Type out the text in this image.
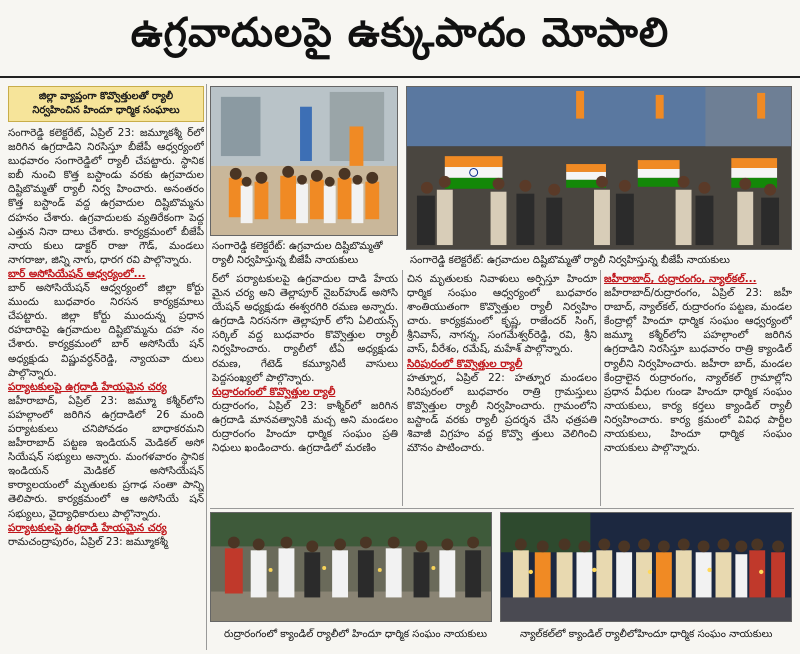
ఉగ్రవాదులపై ఉక్కుపాదం మోపాలి
జిల్లా వ్యాప్తంగా కొవ్వొత్తులతో ర్యాలీ
నిర్వహించిన హిందూ ధార్మిక సంఘాలు
సంగారెడ్డి కలెక్టరేట్, ఏప్రిల్ 23: జమ్మూకశ్మీ ర్‌లో జరిగిన ఉగ్రదాడిని నిరసిస్తూ బీజేపీ ఆధ్వర్యంలో బుధవారం సంగారెడ్డిలో ర్యాలీ చేపట్టారు. స్థానిక ఐబీ నుంచి కొత్త బస్టాండు వరకు ఉగ్రవాదుల దిష్టిబొమ్మతో ర్యాలీ నిర్వ హించారు. అనంతరం కొత్త బస్టాండ్ వద్ద ఉగ్రవాదుల దిష్టిబొమ్మను దహనం చేశారు. ఉగ్రవాదులకు వ్యతిరేకంగా పెద్ద ఎత్తున నినా దాలు చేశారు. కార్యక్రమంలో బీజేపీ నాయ కులు డాక్టర్ రాజు గౌడ్, మండలు నాగరాజు, జిన్ని నాగు, ధారగ రవి పాల్గొన్నారు.
బార్ అసోసియేషన్ ఆధ్వర్యంలో...
బార్ అసోసియేషన్ ఆధ్వర్యంలో జిల్లా కోర్టు ముందు బుధవారం నిరసన కార్యక్రమాలు చేపట్టారు. జిల్లా కోర్టు ముందున్న ప్రధాన రహదారిపై ఉగ్రవాదుల దిష్టిబొమ్మను దహ నం చేశారు. కార్యక్రమంలో బార్ అసోసియే షన్ అధ్యక్షుడు విష్ణువర్ధన్‌రెడ్డి, న్యాయవా దులు పాల్గొన్నారు.
పర్యాటకులపై ఉగ్రదాడి హేయమైన చర్య
జహీరాబాద్, ఏప్రిల్ 23: జమ్మూ కశ్మీర్‌లోని పహల్గాంలో జరిగిన ఉగ్రదాడిలో 26 మంది పర్యాటకులు చనిపోవడం బాధాకరమని జహీరాబాద్ పట్టణ ఇండియన్ మెడికల్ అసో సియేషన్ సభ్యులు అన్నారు. మంగళవారం స్థానిక ఇండియన్ మెడికల్ అసోసియేషన్ కార్యాలయంలో మృతులకు ప్రగాఢ సంతా పాన్ని తెలిపారు. కార్యక్రమంలో ఆ అసోసియే షన్ సభ్యులు, వైద్యాధికారులు పాల్గొన్నారు.
పర్యాటకులపై ఉగ్రదాడి హేయమైన చర్య
రామచంద్రాపురం, ఏప్రిల్ 23: జమ్మూకశ్మీ
సంగారెడ్డి కలెక్టరేట్: ఉగ్రవాదుల దిష్టిబొమ్మతో
ర్యాలీ నిర్వహిస్తున్న బీజేపీ నాయకులు	సంగారెడ్డి కలెక్టరేట్: ఉగ్రవాదుల దిష్టిబొమ్మతో ర్యాలీ నిర్వహిస్తున్న బీజేపీ నాయకులు
ర్‌లో పర్యాటకులపై ఉగ్రవాదుల దాడి హేయ మైన చర్య అని తెల్లాపూర్ నైబర్‌హుడ్ అసోసి యేషన్ అధ్యక్షుడు ఈశ్వరగిరి రమణ అన్నారు. ఉగ్రదాడి నిరసనగా తెల్లాపూర్ లోని ఏలియన్స్ సర్కిల్ వద్ద బుధవారం కొవ్వొత్తుల ర్యాలీ నిర్వహించారు. ర్యాలీలో టీఏ అధ్యక్షుడు రమణ, గేటెడ్ కమ్యూనిటీ వాసులు పెద్దసంఖ్యలో పాల్గొన్నారు.
రుద్రారంగంలో కొవ్వొత్తుల ర్యాలీ
రుద్రారంగం, ఏప్రిల్ 23: కాశ్మీర్‌లో జరిగిన ఉగ్రదాడి మానవత్వానికి మచ్చ అని మండలం రుద్రారంగం హిందూ ధార్మిక సంఘం ప్రతి నిధులు ఖండించారు. ఉగ్రదాడిలో మరణిం
చిన మృతులకు నివాళులు అర్పిస్తూ హిందూ ధార్మిక సంఘం ఆధ్వర్యంలో బుధవారం శాంతియుతంగా కొవ్వొత్తుల ర్యాలీ నిర్వహిం చారు. కార్యక్రమంలో కృష్ణ, రాజేందర్ సింగ్, శ్రీనివాస్, నాగన్న, సంగమేశ్వర్‌రెడ్డి, రవి, శ్రీని వాస్, వీరేశం, రమేష్, మహేశ్ పాల్గొన్నారు.
సిరిపురంలో కొవ్వొత్తుల ర్యాలీ
హత్నూర, ఏప్రిల్ 22: హత్నూర మండలం సిరిపురంలో బుధవారం రాత్రి గ్రామస్తులు కొవ్వొత్తుల ర్యాలీ నిర్వహించారు. గ్రామంలోని బస్టాండ్ వరకు ర్యాలీ ప్రదర్శన చేసి ఛత్రపతి శివాజీ విగ్రహం వద్ద కొవ్వొ త్తులు వెలిగించి మౌనం పాటించారు.
జహీరాబాద్, రుద్రారంగం, న్యాల్‌కల్...
జహీరాబాద్/రుద్రారంగం, ఏప్రిల్ 23: జహీ రాబాద్, న్యాల్‌కల్, రుద్రారంగం పట్టణ, మండల కేంద్రాల్లో హిందూ ధార్మిక సంఘం ఆధ్వర్యంలో జమ్మూ కశ్మీర్‌లోని పహల్గాంలో జరిగిన ఉగ్రదాడిని నిరసిస్తూ బుధవారం రాత్రి క్యాండిల్ ర్యాలీని నిర్వహించారు. జహీరా బాద్, మండల కేంద్రాలైన రుద్రారంగం, న్యాల్‌కల్ గ్రామాల్లోని ప్రధాన వీధుల గుండా హిందూ ధార్మిక సంఘం నాయకులు, కార్య కర్తలు క్యాండిల్ ర్యాలీ నిర్వహించారు. కార్య క్రమంలో వివిధ పార్టీల నాయకులు, హిందూ ధార్మిక సంఘం నాయకులు పాల్గొన్నారు.
రుద్రారంగంలో క్యాండిల్ ర్యాలీలో హిందూ ధార్మిక సంఘం నాయకులు	న్యాల్‌కల్‌లో క్యాండిల్ ర్యాలీలోహిందూ ధార్మిక సంఘం నాయకులు
